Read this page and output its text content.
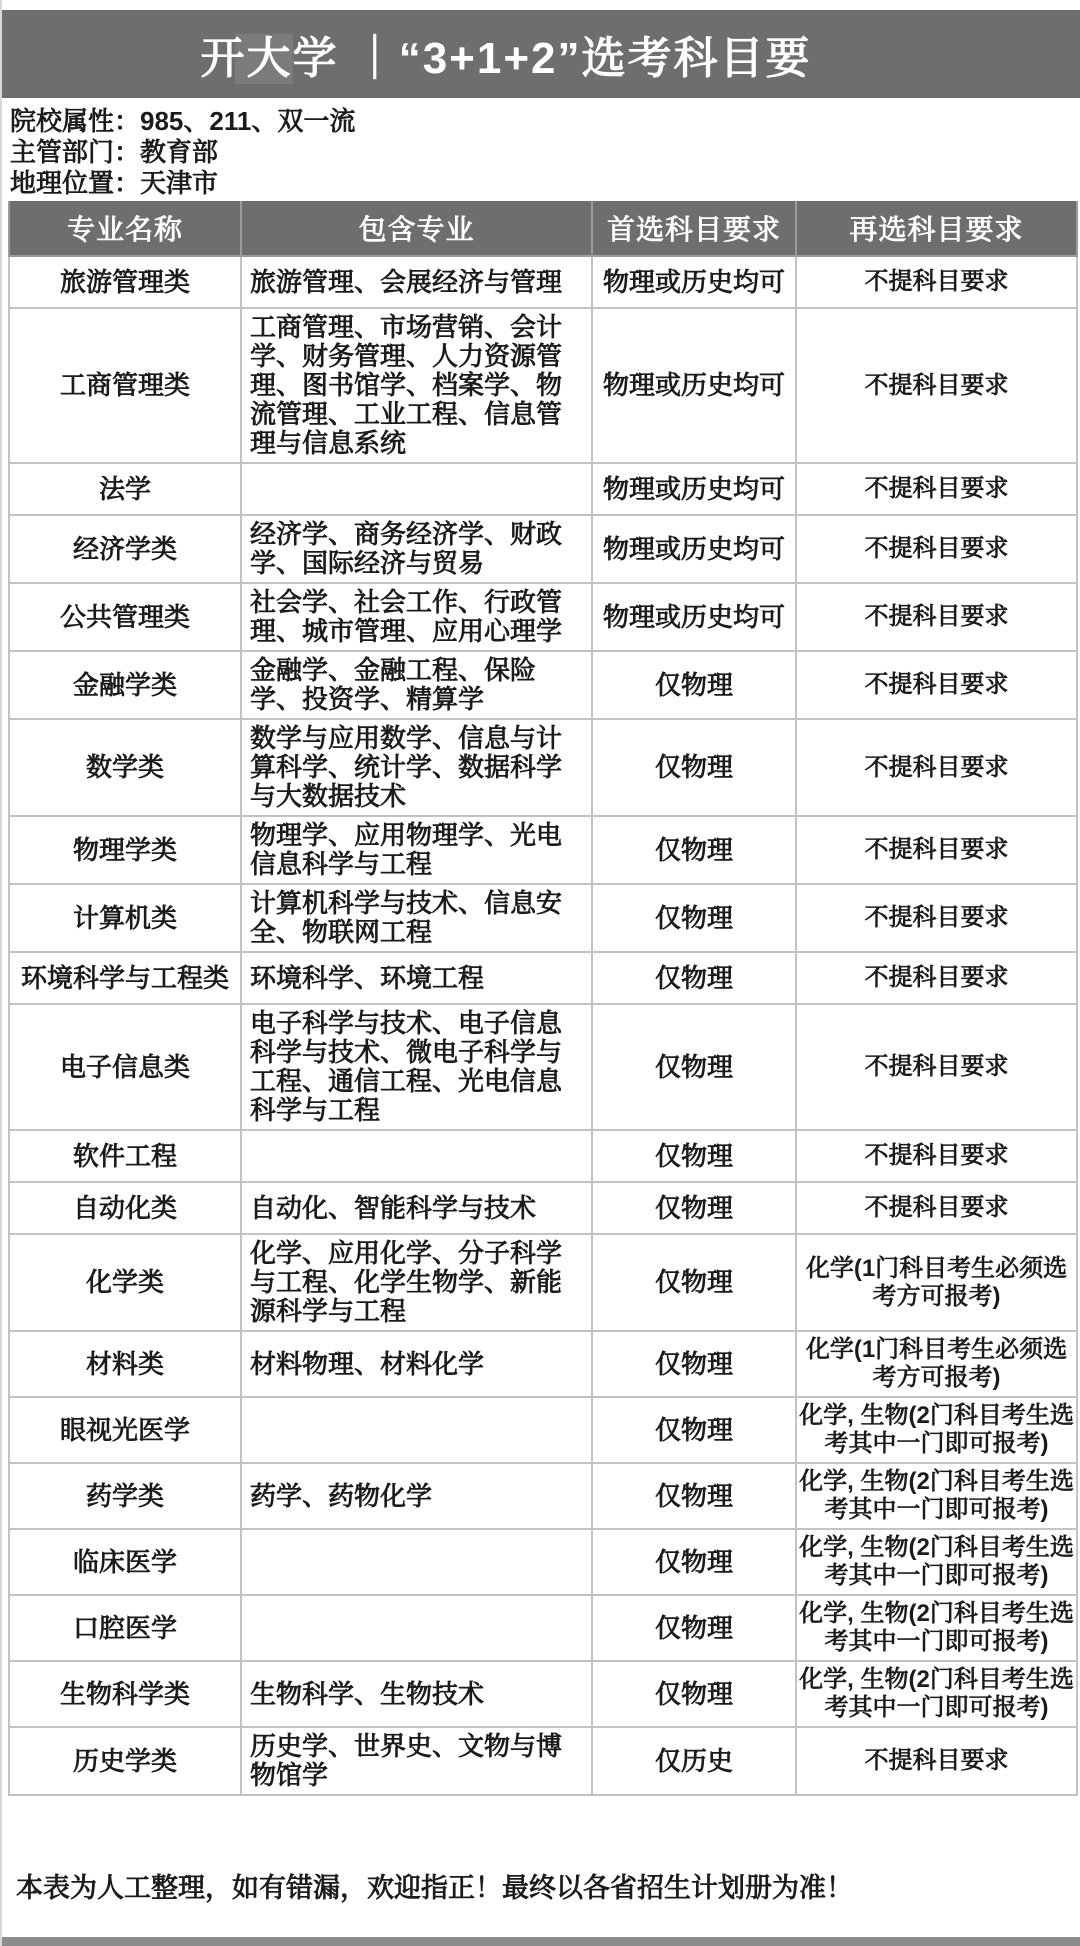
开大学 ｜“3+1+2”选考科目要
院校属性：985、211、双一流
主管部门：教育部
地理位置：天津市
专业名称	包含专业	首选科目要求	再选科目要求
旅游管理类	旅游管理、会展经济与管理	物理或历史均可	不提科目要求
工商管理类	工商管理、市场营销、会计学、财务管理、人力资源管理、图书馆学、档案学、物流管理、工业工程、信息管理与信息系统	物理或历史均可	不提科目要求
法学		物理或历史均可	不提科目要求
经济学类	经济学、商务经济学、财政学、国际经济与贸易	物理或历史均可	不提科目要求
公共管理类	社会学、社会工作、行政管理、城市管理、应用心理学	物理或历史均可	不提科目要求
金融学类	金融学、金融工程、保险学、投资学、精算学	仅物理	不提科目要求
数学类	数学与应用数学、信息与计算科学、统计学、数据科学与大数据技术	仅物理	不提科目要求
物理学类	物理学、应用物理学、光电信息科学与工程	仅物理	不提科目要求
计算机类	计算机科学与技术、信息安全、物联网工程	仅物理	不提科目要求
环境科学与工程类	环境科学、环境工程	仅物理	不提科目要求
电子信息类	电子科学与技术、电子信息科学与技术、微电子科学与工程、通信工程、光电信息科学与工程	仅物理	不提科目要求
软件工程		仅物理	不提科目要求
自动化类	自动化、智能科学与技术	仅物理	不提科目要求
化学类	化学、应用化学、分子科学与工程、化学生物学、新能源科学与工程	仅物理	化学(1门科目考生必须选考方可报考)
材料类	材料物理、材料化学	仅物理	化学(1门科目考生必须选考方可报考)
眼视光医学		仅物理	化学, 生物(2门科目考生选考其中一门即可报考)
药学类	药学、药物化学	仅物理	化学, 生物(2门科目考生选考其中一门即可报考)
临床医学		仅物理	化学, 生物(2门科目考生选考其中一门即可报考)
口腔医学		仅物理	化学, 生物(2门科目考生选考其中一门即可报考)
生物科学类	生物科学、生物技术	仅物理	化学, 生物(2门科目考生选考其中一门即可报考)
历史学类	历史学、世界史、文物与博物馆学	仅历史	不提科目要求
本表为人工整理，如有错漏，欢迎指正！最终以各省招生计划册为准！
